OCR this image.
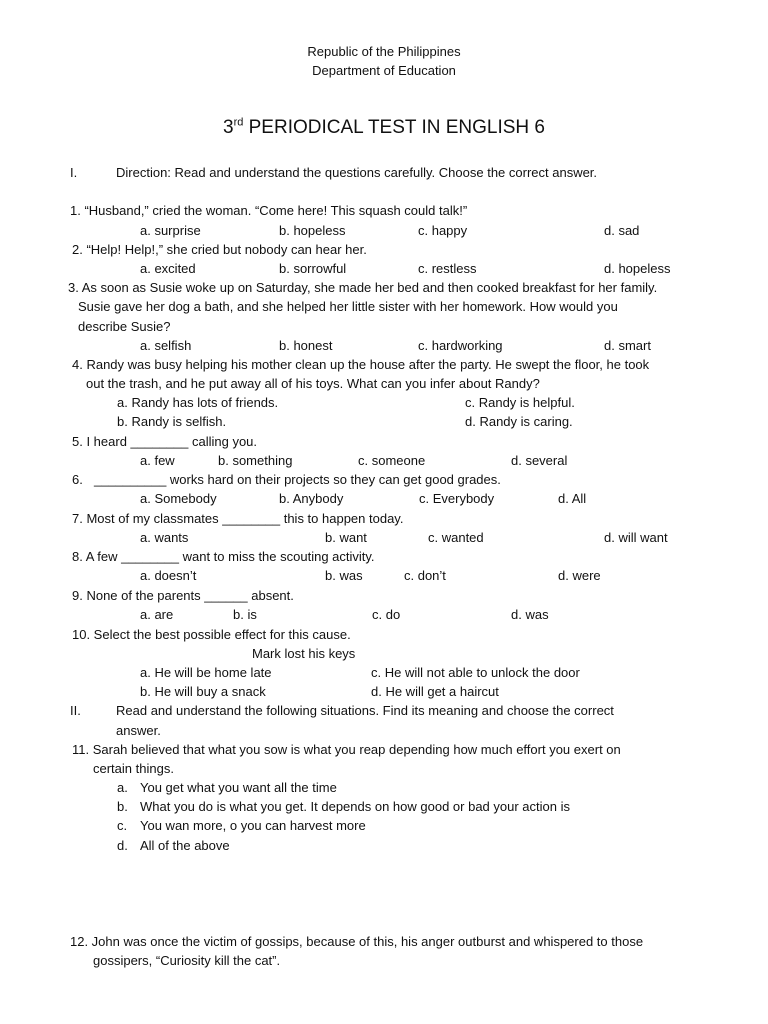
Republic of the Philippines
Department of Education
3rd PERIODICAL TEST IN ENGLISH 6
I.	Direction: Read and understand the questions carefully. Choose the correct answer.
1. “Husband,” cried the woman. “Come here! This squash could talk!”
a. surprise	b. hopeless	c. happy	d. sad
2. “Help! Help!,” she cried but nobody can hear her.
a. excited	b. sorrowful	c. restless	d. hopeless
3. As soon as Susie woke up on Saturday, she made her bed and then cooked breakfast for her family.
Susie gave her dog a bath, and she helped her little sister with her homework. How would you
describe Susie?
a. selfish	b. honest	c. hardworking	d. smart
4. Randy was busy helping his mother clean up the house after the party. He swept the floor, he took
out the trash, and he put away all of his toys. What can you infer about Randy?
a. Randy has lots of friends.	c. Randy is helpful.
b. Randy is selfish.	d. Randy is caring.
5. I heard ________ calling you.
a. few	b. something	c. someone	d. several
6. __________ works hard on their projects so they can get good grades.
a. Somebody	b. Anybody	c. Everybody	d. All
7. Most of my classmates ________ this to happen today.
a. wants	b. want	c. wanted	d. will want
8. A few ________ want to miss the scouting activity.
a. doesn’t	b. was	c. don’t	d. were
9. None of the parents ______ absent.
a. are	b. is	c. do	d. was
10. Select the best possible effect for this cause.
Mark lost his keys
a. He will be home late	c. He will not able to unlock the door
b. He will buy a snack	d. He will get a haircut
II.	Read and understand the following situations. Find its meaning and choose the correct
answer.
11. Sarah believed that what you sow is what you reap depending how much effort you exert on
certain things.
a. You get what you want all the time
b. What you do is what you get. It depends on how good or bad your action is
c. You wan more, o you can harvest more
d. All of the above
12. John was once the victim of gossips, because of this, his anger outburst and whispered to those
gossipers, “Curiosity kill the cat”.
